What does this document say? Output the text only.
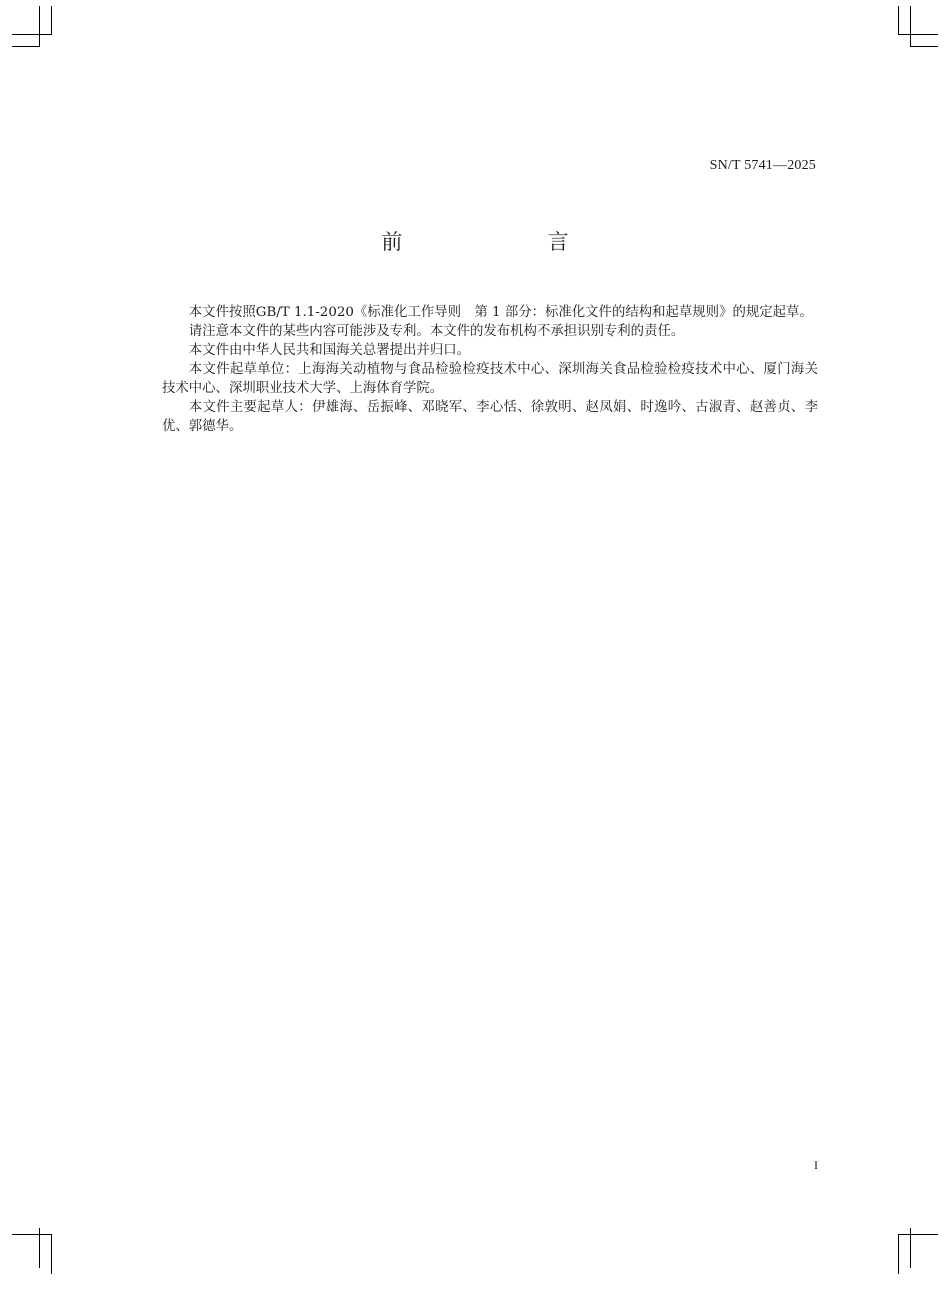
SN/T 5741—2025
前  言

本文件按照GB/T 1.1-2020《标准化工作导则　第 1 部分：标准化文件的结构和起草规则》的规定起草。

请注意本文件的某些内容可能涉及专利。本文件的发布机构不承担识别专利的责任。

本文件由中华人民共和国海关总署提出并归口。

本文件起草单位：上海海关动植物与食品检验检疫技术中心、深圳海关食品检验检疫技术中心、厦门海关技术中心、深圳职业技术大学、上海体育学院。

本文件主要起草人：伊雄海、岳振峰、邓晓军、李心恬、徐敦明、赵凤娟、时逸吟、古淑青、赵善贞、李优、郭德华。

I
